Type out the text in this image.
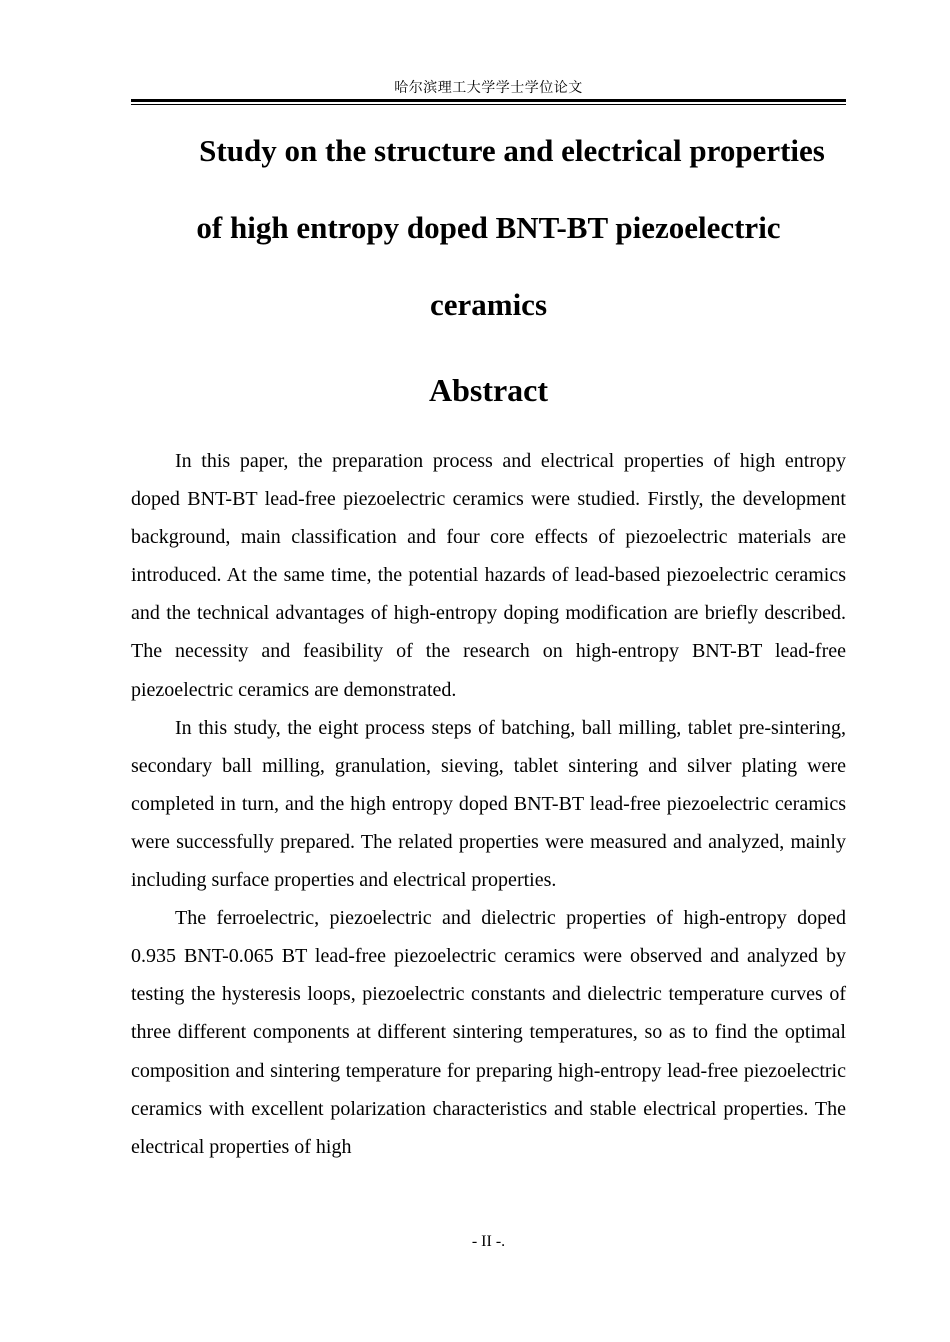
哈尔滨理工大学学士学位论文
Study on the structure and electrical properties
of high entropy doped BNT-BT piezoelectric
ceramics
Abstract

In this paper, the preparation process and electrical properties of high entropy doped BNT-BT lead-free piezoelectric ceramics were studied. Firstly, the development background, main classification and four core effects of piezoelectric materials are introduced. At the same time, the potential hazards of lead-based piezoelectric ceramics and the technical advantages of high-entropy doping modification are briefly described. The necessity and feasibility of the research on high-entropy BNT-BT lead-free piezoelectric ceramics are demonstrated.

In this study, the eight process steps of batching, ball milling, tablet pre-sintering, secondary ball milling, granulation, sieving, tablet sintering and silver plating were completed in turn, and the high entropy doped BNT-BT lead-free piezoelectric ceramics were successfully prepared. The related properties were measured and analyzed, mainly including surface properties and electrical properties.

The ferroelectric, piezoelectric and dielectric properties of high-entropy doped 0.935 BNT-0.065 BT lead-free piezoelectric ceramics were observed and analyzed by testing the hysteresis loops, piezoelectric constants and dielectric temperature curves of three different components at different sintering temperatures, so as to find the optimal composition and sintering temperature for preparing high-entropy lead-free piezoelectric ceramics with excellent polarization characteristics and stable electrical properties. The electrical properties of high

- II -.
